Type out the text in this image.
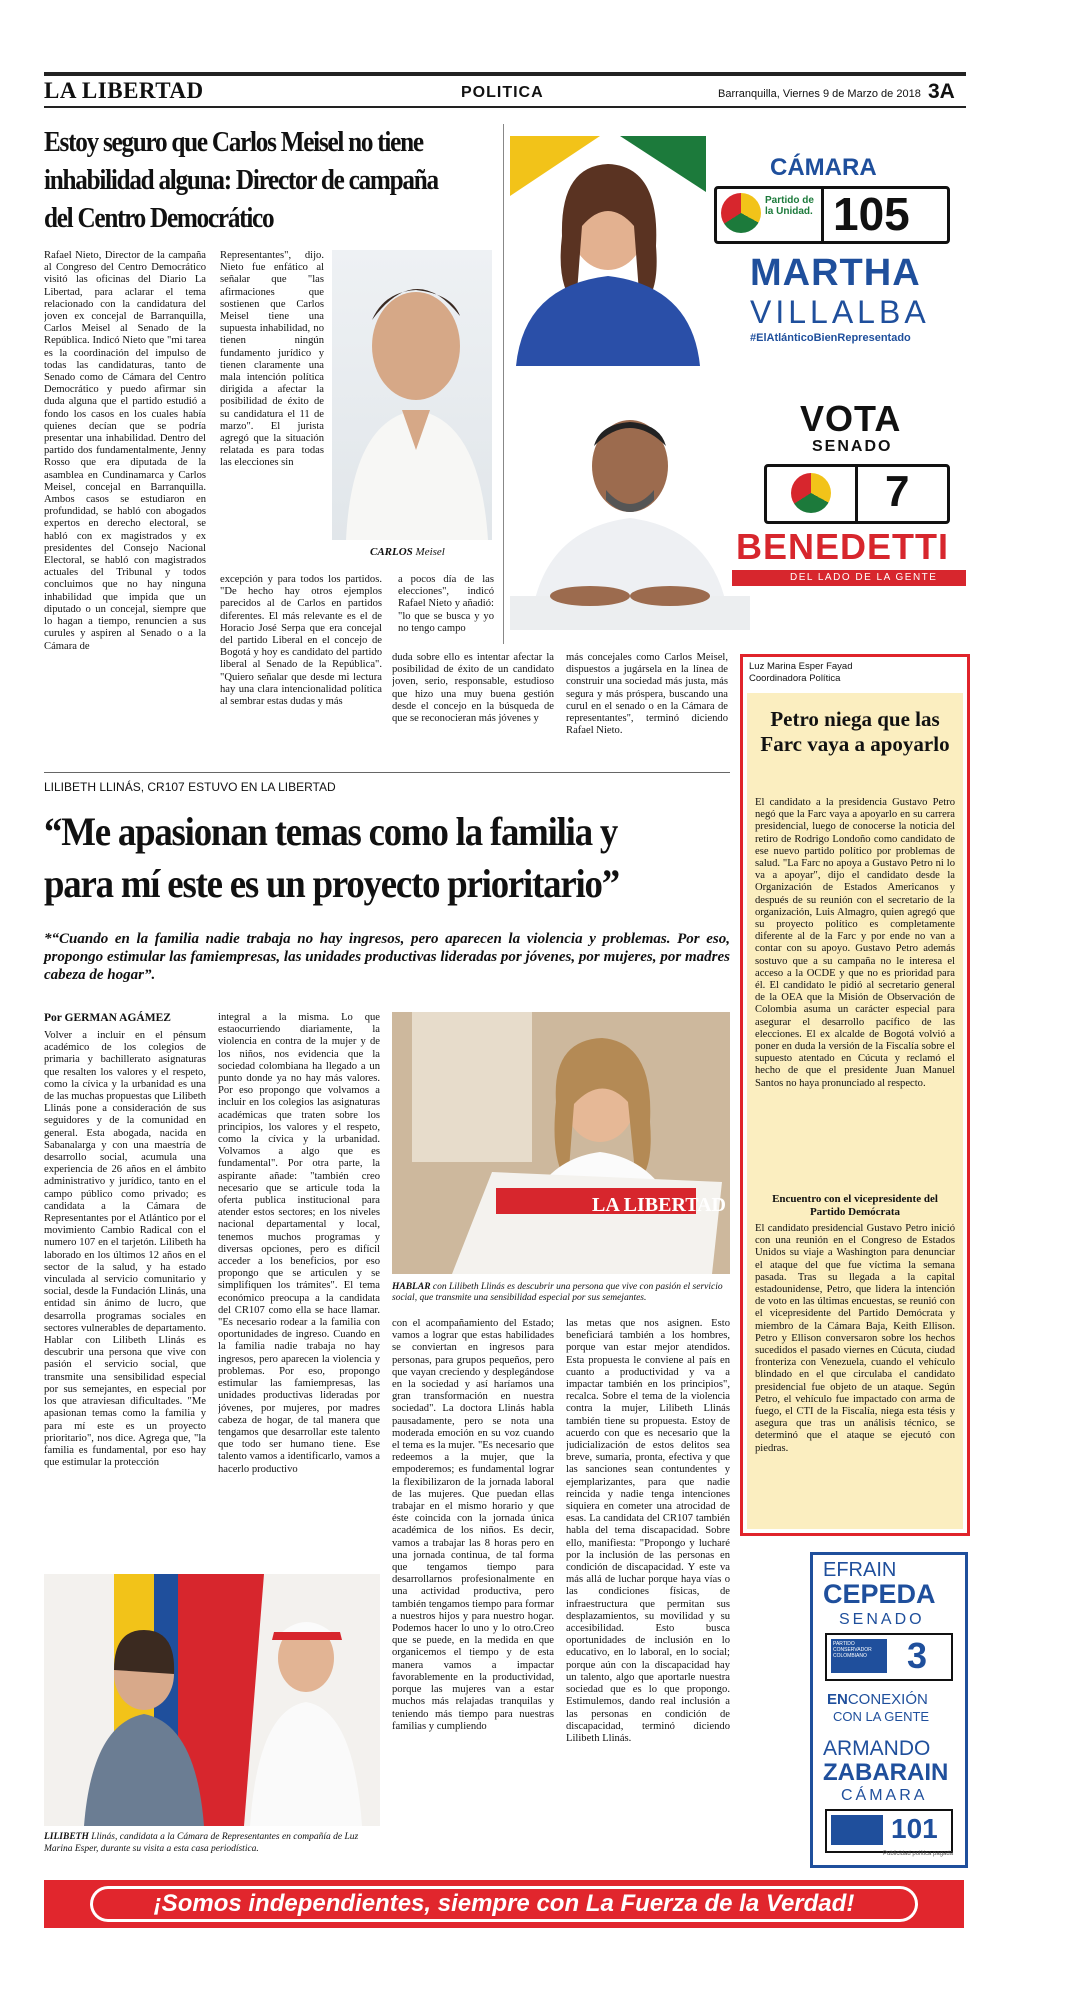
LA LIBERTAD	POLITICA	Barranquilla, Viernes 9 de Marzo de 2018 3A
Estoy seguro que Carlos Meisel no tiene inhabilidad alguna: Director de campaña del Centro Democrático
Rafael Nieto, Director de la campaña al Congreso del Centro Democrático visitó las oficinas del Diario La Libertad, para aclarar el tema relacionado con la candidatura del joven ex concejal de Barranquilla, Carlos Meisel al Senado de la República. Indicó Nieto que "mi tarea es la coordinación del impulso de todas las candidaturas, tanto de Senado como de Cámara del Centro Democrático y puedo afirmar sin duda alguna que el partido estudió a fondo los casos en los cuales había quienes decían que se podría presentar una inhabilidad. Dentro del partido dos fundamentalmente, Jenny Rosso que era diputada de la asamblea en Cundinamarca y Carlos Meisel, concejal en Barranquilla. Ambos casos se estudiaron en profundidad, se habló con abogados expertos en derecho electoral, se habló con ex magistrados y ex presidentes del Consejo Nacional Electoral, se habló con magistrados actuales del Tribunal y todos concluimos que no hay ninguna inhabilidad que impida que un diputado o un concejal, siempre que lo hagan a tiempo, renuncien a sus curules y aspiren al Senado o a la Cámara de
Representantes", dijo. Nieto fue enfático al señalar que "las afirmaciones que sostienen que Carlos Meisel tiene una supuesta inhabilidad, no tienen ningún fundamento jurídico y tienen claramente una mala intención política dirigida a afectar la posibilidad de éxito de su candidatura el 11 de marzo". El jurista agregó que la situación relatada es para todas las elecciones sin
CARLOS Meisel
excepción y para todos los partidos. "De hecho hay otros ejemplos parecidos al de Carlos en partidos diferentes. El más relevante es el de Horacio José Serpa que era concejal del partido Liberal en el concejo de Bogotá y hoy es candidato del partido liberal al Senado de la República". "Quiero señalar que desde mi lectura hay una clara intencionalidad política al sembrar estas dudas y más
a pocos día de las elecciones", indicó Rafael Nieto y añadió: "lo que se busca y yo no tengo campo
duda sobre ello es intentar afectar la posibilidad de éxito de un candidato joven, serio, responsable, estudioso que hizo una muy buena gestión desde el concejo en la búsqueda de que se reconocieran más jóvenes y
más concejales como Carlos Meisel, dispuestos a jugársela en la línea de construir una sociedad más justa, más segura y más próspera, buscando una curul en el senado o en la Cámara de representantes", terminó diciendo Rafael Nieto.
CÁMARA
Partido de la Unidad. 105
MARTHA
VILLALBA
#ElAtlánticoBienRepresentado
VOTA
SENADO
7
BENEDETTI
DEL LADO DE LA GENTE
LILIBETH LLINÁS, CR107 ESTUVO EN LA LIBERTAD
“Me apasionan temas como la familia y para mí este es un proyecto prioritario”
*“Cuando en la familia nadie trabaja no hay ingresos, pero aparecen la violencia y problemas. Por eso, propongo estimular las famiempresas, las unidades productivas lideradas por jóvenes, por mujeres, por madres cabeza de hogar”.
Por GERMAN AGÁMEZ
Volver a incluir en el pénsum académico de los colegios de primaria y bachillerato asignaturas que resalten los valores y el respeto, como la cívica y la urbanidad es una de las muchas propuestas que Lilibeth Llinás pone a consideración de sus seguidores y de la comunidad en general. Esta abogada, nacida en Sabanalarga y con una maestría de desarrollo social, acumula una experiencia de 26 años en el ámbito administrativo y jurídico, tanto en el campo público como privado; es candidata a la Cámara de Representantes por el Atlántico por el movimiento Cambio Radical con el numero 107 en el tarjetón. Lilibeth ha laborado en los últimos 12 años en el sector de la salud, y ha estado vinculada al servicio comunitario y social, desde la Fundación Llinás, una entidad sin ánimo de lucro, que desarrolla programas sociales en sectores vulnerables de departamento. Hablar con Lilibeth Llinás es descubrir una persona que vive con pasión el servicio social, que transmite una sensibilidad especial por sus semejantes, en especial por los que atraviesan dificultades. "Me apasionan temas como la familia y para mí este es un proyecto prioritario", nos dice. Agrega que, "la familia es fundamental, por eso hay que estimular la protección
integral a la misma. Lo que estaocurriendo diariamente, la violencia en contra de la mujer y de los niños, nos evidencia que la sociedad colombiana ha llegado a un punto donde ya no hay más valores. Por eso propongo que volvamos a incluir en los colegios las asignaturas académicas que traten sobre los principios, los valores y el respeto, como la cívica y la urbanidad. Volvamos a algo que es fundamental". Por otra parte, la aspirante añade: "también creo necesario que se articule toda la oferta publica institucional para atender estos sectores; en los niveles nacional departamental y local, tenemos muchos programas y diversas opciones, pero es difícil acceder a los beneficios, por eso propongo que se articulen y se simplifiquen los trámites". El tema económico preocupa a la candidata del CR107 como ella se hace llamar. "Es necesario rodear a la familia con oportunidades de ingreso. Cuando en la familia nadie trabaja no hay ingresos, pero aparecen la violencia y problemas. Por eso, propongo estimular las famiempresas, las unidades productivas lideradas por jóvenes, por mujeres, por madres cabeza de hogar, de tal manera que tengamos que desarrollar este talento que todo ser humano tiene. Ese talento vamos a identificarlo, vamos a hacerlo productivo
LA LIBERTAD
HABLAR con Lilibeth Llinás es descubrir una persona que vive con pasión el servicio social, que transmite una sensibilidad especial por sus semejantes.
con el acompañamiento del Estado; vamos a lograr que estas habilidades se conviertan en ingresos para personas, para grupos pequeños, pero que vayan creciendo y desplegándose en la sociedad y así haríamos una gran transformación en nuestra sociedad". La doctora Llinás habla pausadamente, pero se nota una moderada emoción en su voz cuando el tema es la mujer. "Es necesario que redeemos a la mujer, que la empoderemos; es fundamental lograr la flexibilizaron de la jornada laboral de las mujeres. Que puedan ellas trabajar en el mismo horario y que éste coincida con la jornada única académica de los niños. Es decir, vamos a trabajar las 8 horas pero en una jornada continua, de tal forma que tengamos tiempo para desarrollarnos profesionalmente en una actividad productiva, pero también tengamos tiempo para formar a nuestros hijos y para nuestro hogar. Podemos hacer lo uno y lo otro.Creo que se puede, en la medida en que organicemos el tiempo y de esta manera vamos a impactar favorablemente en la productividad, porque las mujeres van a estar muchos más relajadas tranquilas y teniendo más tiempo para nuestras familias y cumpliendo
las metas que nos asignen. Esto beneficiará también a los hombres, porque van estar mejor atendidos. Esta propuesta le conviene al país en cuanto a productividad y va a impactar también en los principios", recalca. Sobre el tema de la violencia contra la mujer, Lilibeth Llinás también tiene su propuesta. Estoy de acuerdo con que es necesario que la judicialización de estos delitos sea breve, sumaria, pronta, efectiva y que las sanciones sean contundentes y ejemplarizantes, para que nadie reincida y nadie tenga intenciones siquiera en cometer una atrocidad de esas. La candidata del CR107 también habla del tema discapacidad. Sobre ello, manifiesta: "Propongo y lucharé por la inclusión de las personas en condición de discapacidad. Y este va más allá de luchar porque haya vías o las condiciones físicas, de infraestructura que permitan sus desplazamientos, su movilidad y su accesibilidad. Esto busca oportunidades de inclusión en lo educativo, en lo laboral, en lo social; porque aún con la discapacidad hay un talento, algo que aportarle nuestra sociedad que es lo que propongo. Estimulemos, dando real inclusión a las personas en condición de discapacidad, terminó diciendo Lilibeth Llinás.
LILIBETH Llinás, candidata a la Cámara de Representantes en compañía de Luz Marina Esper, durante su visita a esta casa periodística.
Luz Marina Esper Fayad
Coordinadora Política
Petro niega que las Farc vaya a apoyarlo
El candidato a la presidencia Gustavo Petro negó que la Farc vaya a apoyarlo en su carrera presidencial, luego de conocerse la noticia del retiro de Rodrigo Londoño como candidato de ese nuevo partido político por problemas de salud. "La Farc no apoya a Gustavo Petro ni lo va a apoyar", dijo el candidato desde la Organización de Estados Americanos y después de su reunión con el secretario de la organización, Luis Almagro, quien agregó que su proyecto político es completamente diferente al de la Farc y por ende no van a contar con su apoyo. Gustavo Petro además sostuvo que a su campaña no le interesa el acceso a la OCDE y que no es prioridad para él. El candidato le pidió al secretario general de la OEA que la Misión de Observación de Colombia asuma un carácter especial para asegurar el desarrollo pacífico de las elecciones. El ex alcalde de Bogotá volvió a poner en duda la versión de la Fiscalía sobre el supuesto atentado en Cúcuta y reclamó el hecho de que el presidente Juan Manuel Santos no haya pronunciado al respecto.
Encuentro con el vicepresidente del Partido Demócrata
El candidato presidencial Gustavo Petro inició con una reunión en el Congreso de Estados Unidos su viaje a Washington para denunciar el ataque del que fue víctima la semana pasada. Tras su llegada a la capital estadounidense, Petro, que lidera la intención de voto en las últimas encuestas, se reunió con el vicepresidente del Partido Demócrata y miembro de la Cámara Baja, Keith Ellison. Petro y Ellison conversaron sobre los hechos sucedidos el pasado viernes en Cúcuta, ciudad fronteriza con Venezuela, cuando el vehículo blindado en el que circulaba el candidato presidencial fue objeto de un ataque. Según Petro, el vehículo fue impactado con arma de fuego, el CTI de la Fiscalía, niega esta tésis y asegura que tras un análisis técnico, se determinó que el ataque se ejecutó con piedras.
EFRAIN
CEPEDA
SENADO
PARTIDO CONSERVADOR COLOMBIANO	3
ENCONEXIÓN
CON LA GENTE
ARMANDO
ZABARAIN
CÁMARA
101
Publicidad política pagada
¡Somos independientes, siempre con La Fuerza de la Verdad!
